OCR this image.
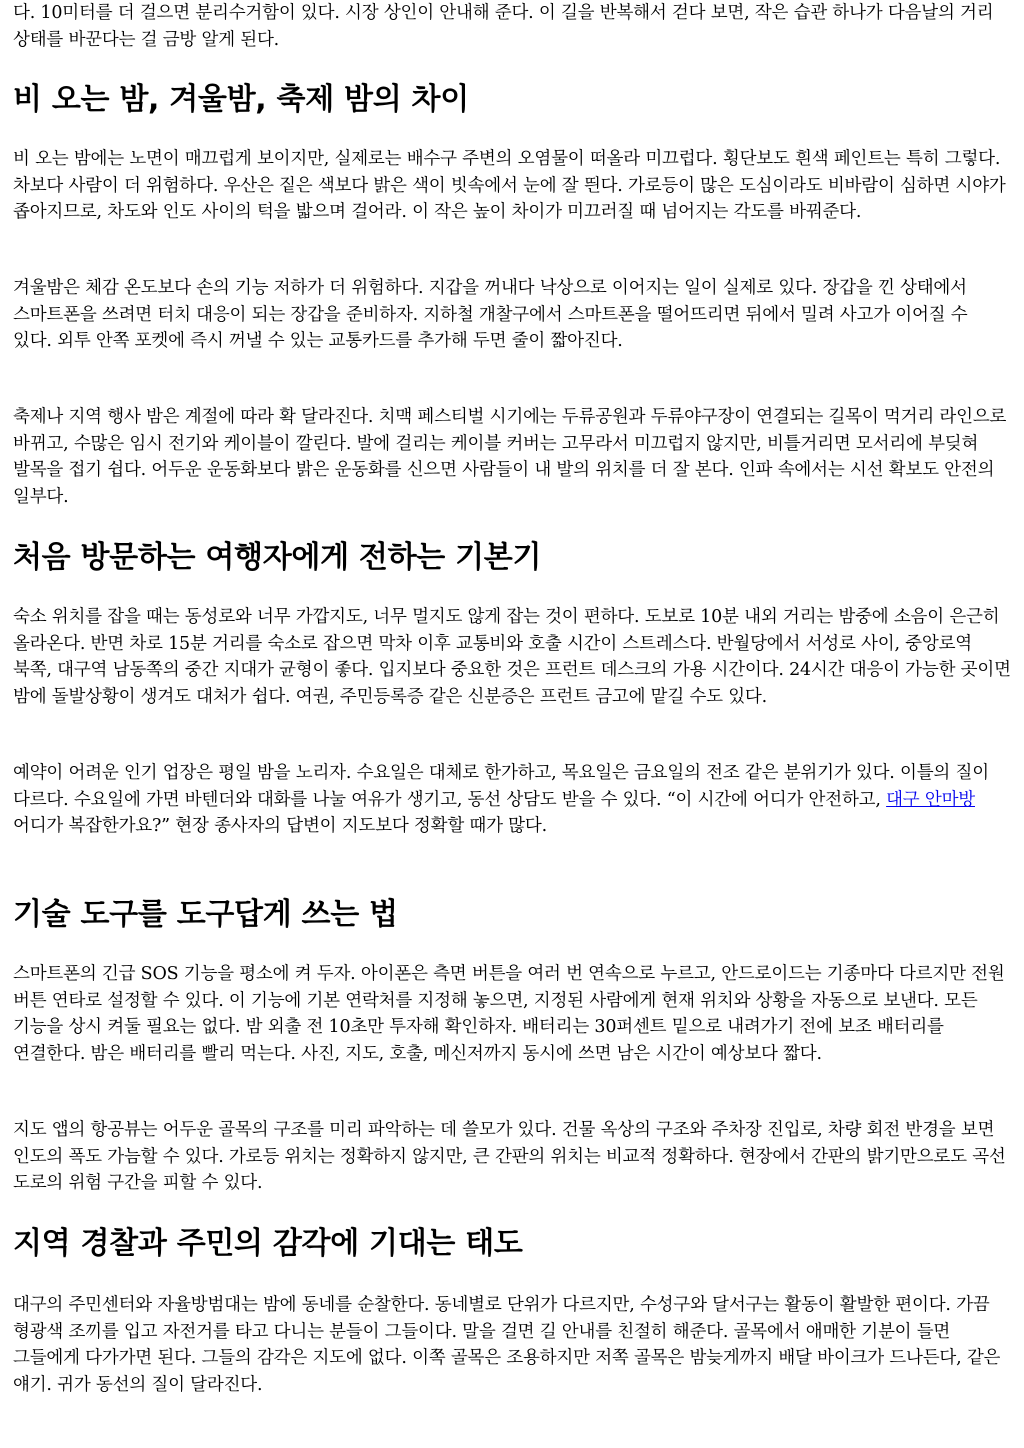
다. 10미터를 더 걸으면 분리수거함이 있다. 시장 상인이 안내해 준다. 이 길을 반복해서 걷다 보면, 작은 습관 하나가 다음날의 거리 상태를 바꾼다는 걸 금방 알게 된다.

비 오는 밤, 겨울밤, 축제 밤의 차이

비 오는 밤에는 노면이 매끄럽게 보이지만, 실제로는 배수구 주변의 오염물이 떠올라 미끄럽다. 횡단보도 흰색 페인트는 특히 그렇다. 차보다 사람이 더 위험하다. 우산은 짙은 색보다 밝은 색이 빗속에서 눈에 잘 띈다. 가로등이 많은 도심이라도 비바람이 심하면 시야가 좁아지므로, 차도와 인도 사이의 턱을 밟으며 걸어라. 이 작은 높이 차이가 미끄러질 때 넘어지는 각도를 바꿔준다.

겨울밤은 체감 온도보다 손의 기능 저하가 더 위험하다. 지갑을 꺼내다 낙상으로 이어지는 일이 실제로 있다. 장갑을 낀 상태에서 스마트폰을 쓰려면 터치 대응이 되는 장갑을 준비하자. 지하철 개찰구에서 스마트폰을 떨어뜨리면 뒤에서 밀려 사고가 이어질 수 있다. 외투 안쪽 포켓에 즉시 꺼낼 수 있는 교통카드를 추가해 두면 줄이 짧아진다.

축제나 지역 행사 밤은 계절에 따라 확 달라진다. 치맥 페스티벌 시기에는 두류공원과 두류야구장이 연결되는 길목이 먹거리 라인으로 바뀌고, 수많은 임시 전기와 케이블이 깔린다. 발에 걸리는 케이블 커버는 고무라서 미끄럽지 않지만, 비틀거리면 모서리에 부딪혀 발목을 접기 쉽다. 어두운 운동화보다 밝은 운동화를 신으면 사람들이 내 발의 위치를 더 잘 본다. 인파 속에서는 시선 확보도 안전의 일부다.

처음 방문하는 여행자에게 전하는 기본기

숙소 위치를 잡을 때는 동성로와 너무 가깝지도, 너무 멀지도 않게 잡는 것이 편하다. 도보로 10분 내외 거리는 밤중에 소음이 은근히 올라온다. 반면 차로 15분 거리를 숙소로 잡으면 막차 이후 교통비와 호출 시간이 스트레스다. 반월당에서 서성로 사이, 중앙로역 북쪽, 대구역 남동쪽의 중간 지대가 균형이 좋다. 입지보다 중요한 것은 프런트 데스크의 가용 시간이다. 24시간 대응이 가능한 곳이면 밤에 돌발상황이 생겨도 대처가 쉽다. 여권, 주민등록증 같은 신분증은 프런트 금고에 맡길 수도 있다.

예약이 어려운 인기 업장은 평일 밤을 노리자. 수요일은 대체로 한가하고, 목요일은 금요일의 전조 같은 분위기가 있다. 이틀의 질이 다르다. 수요일에 가면 바텐더와 대화를 나눌 여유가 생기고, 동선 상담도 받을 수 있다. “이 시간에 어디가 안전하고, 대구 안마방 어디가 복잡한가요?” 현장 종사자의 답변이 지도보다 정확할 때가 많다.

기술 도구를 도구답게 쓰는 법

스마트폰의 긴급 SOS 기능을 평소에 켜 두자. 아이폰은 측면 버튼을 여러 번 연속으로 누르고, 안드로이드는 기종마다 다르지만 전원 버튼 연타로 설정할 수 있다. 이 기능에 기본 연락처를 지정해 놓으면, 지정된 사람에게 현재 위치와 상황을 자동으로 보낸다. 모든 기능을 상시 켜둘 필요는 없다. 밤 외출 전 10초만 투자해 확인하자. 배터리는 30퍼센트 밑으로 내려가기 전에 보조 배터리를 연결한다. 밤은 배터리를 빨리 먹는다. 사진, 지도, 호출, 메신저까지 동시에 쓰면 남은 시간이 예상보다 짧다.

지도 앱의 항공뷰는 어두운 골목의 구조를 미리 파악하는 데 쓸모가 있다. 건물 옥상의 구조와 주차장 진입로, 차량 회전 반경을 보면 인도의 폭도 가늠할 수 있다. 가로등 위치는 정확하지 않지만, 큰 간판의 위치는 비교적 정확하다. 현장에서 간판의 밝기만으로도 곡선 도로의 위험 구간을 피할 수 있다.

지역 경찰과 주민의 감각에 기대는 태도

대구의 주민센터와 자율방범대는 밤에 동네를 순찰한다. 동네별로 단위가 다르지만, 수성구와 달서구는 활동이 활발한 편이다. 가끔 형광색 조끼를 입고 자전거를 타고 다니는 분들이 그들이다. 말을 걸면 길 안내를 친절히 해준다. 골목에서 애매한 기분이 들면 그들에게 다가가면 된다. 그들의 감각은 지도에 없다. 이쪽 골목은 조용하지만 저쪽 골목은 밤늦게까지 배달 바이크가 드나든다, 같은 얘기. 귀가 동선의 질이 달라진다.
